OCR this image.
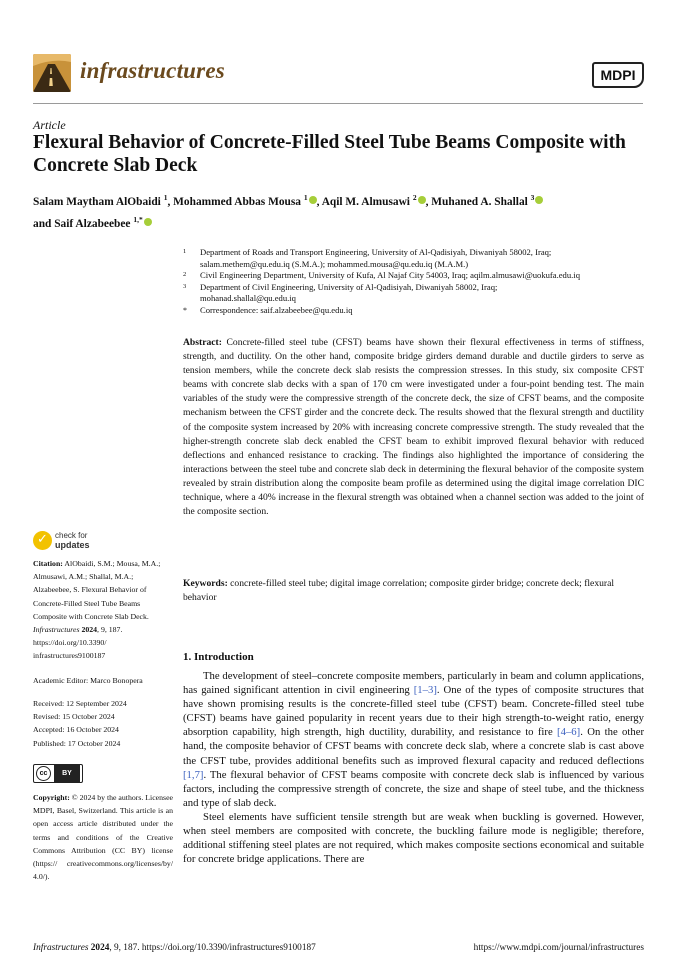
infrastructures	MDPI
Article
Flexural Behavior of Concrete-Filled Steel Tube Beams Composite with Concrete Slab Deck
Salam Maytham AlObaidi $^1$, Mohammed Abbas Mousa $^1$ , Aqil M. Almusawi $^2$ , Muhaned A. Shallal $^3$
and Saif Alzabeebee $^{1,*}$
1 Department of Roads and Transport Engineering, University of Al-Qadisiyah, Diwaniyah 58002, Iraq;
salam.methem@qu.edu.iq (S.M.A.); mohammed.mousa@qu.edu.iq (M.A.M.)
2 Civil Engineering Department, University of Kufa, Al Najaf City 54003, Iraq; aqilm.almusawi@uokufa.edu.iq
3 Department of Civil Engineering, University of Al-Qadisiyah, Diwaniyah 58002, Iraq;
mohanad.shallal@qu.edu.iq
* Correspondence: saif.alzabeebee@qu.edu.iq
Abstract: Concrete-filled steel tube (CFST) beams have shown their flexural effectiveness in terms of stiffness, strength, and ductility. On the other hand, composite bridge girders demand durable and ductile girders to serve as tension members, while the concrete deck slab resists the compression stresses. In this study, six composite CFST beams with concrete slab decks with a span of 170 cm were investigated under a four-point bending test. The main variables of the study were the compressive strength of the concrete deck, the size of CFST beams, and the composite mechanism between the CFST girder and the concrete deck. The results showed that the flexural strength and ductility of the composite system increased by 20% with increasing concrete compressive strength. The study revealed that the higher-strength concrete slab deck enabled the CFST beam to exhibit improved flexural behavior with reduced deflections and enhanced resistance to cracking. The findings also highlighted the importance of considering the interactions between the steel tube and concrete slab deck in determining the flexural behavior of the composite system revealed by strain distribution along the composite beam profile as determined using the digital image correlation DIC technique, where a 40% increase in the flexural strength was obtained when a channel section was added to the joint of the composite section.
Keywords: concrete-filled steel tube; digital image correlation; composite girder bridge; concrete deck; flexural behavior
1. Introduction

The development of steel–concrete composite members, particularly in beam and column applications, has gained significant attention in civil engineering [1–3]. One of the types of composite structures that have shown promising results is the concrete-filled steel tube (CFST) beam. Concrete-filled steel tube (CFST) beams have gained popularity in recent years due to their high strength-to-weight ratio, energy absorption capability, high strength, high ductility, durability, and resistance to fire [4–6]. On the other hand, the composite behavior of CFST beams with concrete deck slab, where a concrete slab is cast above the CFST tube, provides additional benefits such as improved flexural capacity and reduced deflections [1,7]. The flexural behavior of CFST beams composite with concrete deck slab is influenced by various factors, including the compressive strength of concrete, the size and shape of steel tube, and the thickness and type of slab deck.

Steel elements have sufficient tensile strength but are weak when buckling is governed. However, when steel members are composited with concrete, the buckling failure mode is negligible; therefore, additional stiffening steel plates are not required, which makes composite sections economical and suitable for concrete bridge applications. There are

✓
check for
updates
Citation: AlObaidi, S.M.; Mousa, M.A.; Almusawi, A.M.; Shallal, M.A.; Alzabeebee, S. Flexural Behavior of Concrete-Filled Steel Tube Beams Composite with Concrete Slab Deck. Infrastructures 2024, 9, 187. https://doi.org/10.3390/ infrastructures9100187
Academic Editor: Marco Bonopera
Received: 12 September 2024
Revised: 15 October 2024
Accepted: 16 October 2024
Published: 17 October 2024
cc	BY
Copyright: © 2024 by the authors. Licensee MDPI, Basel, Switzerland. This article is an open access article distributed under the terms and conditions of the Creative Commons Attribution (CC BY) license (https:// creativecommons.org/licenses/by/ 4.0/).
Infrastructures 2024, 9, 187. https://doi.org/10.3390/infrastructures9100187	https://www.mdpi.com/journal/infrastructures
